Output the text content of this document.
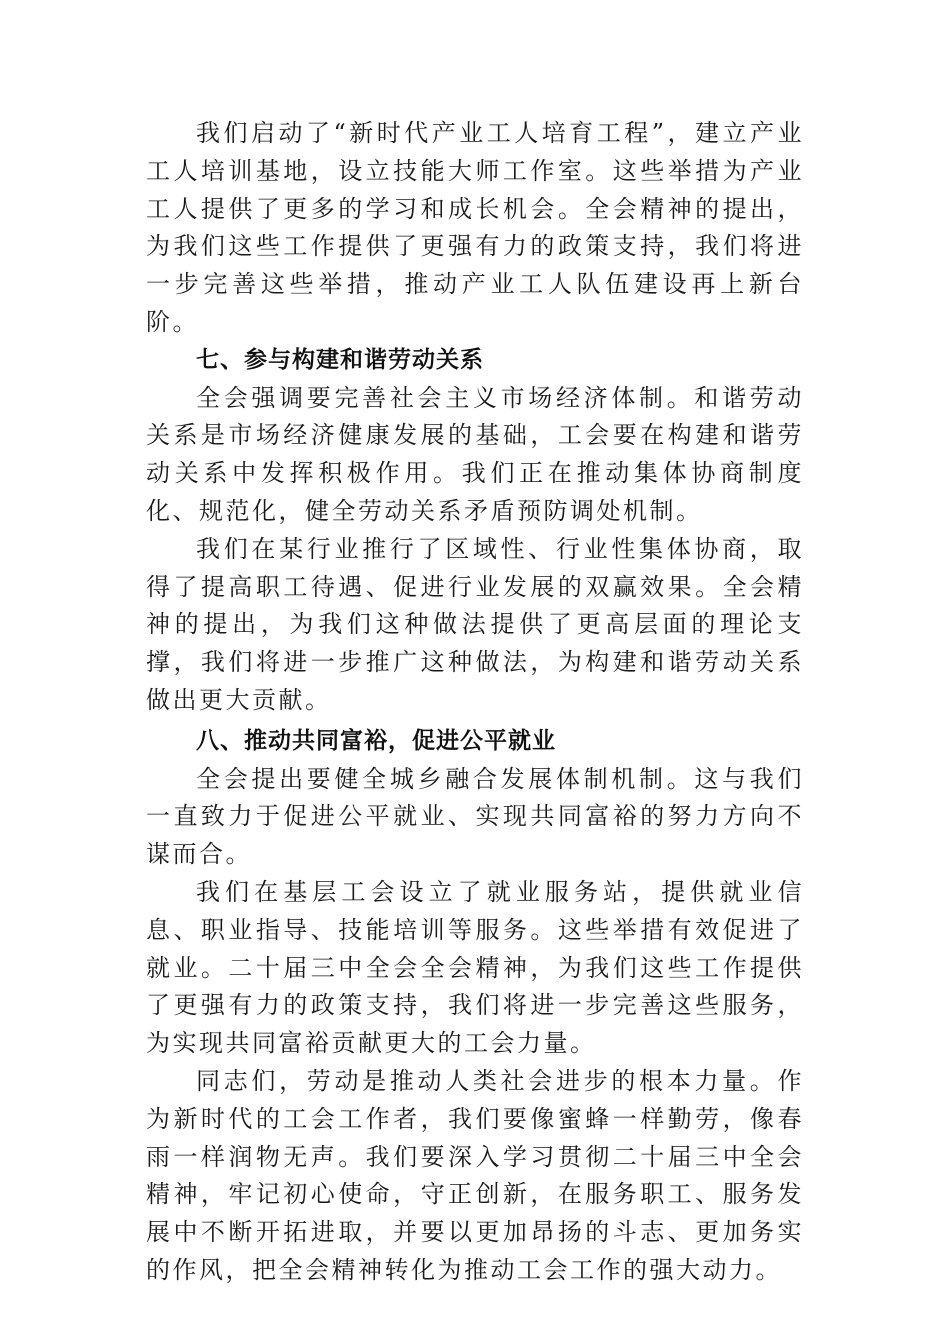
我们启动了“新时代产业工人培育工程”，建立产业工人培训基地，设立技能大师工作室。这些举措为产业工人提供了更多的学习和成长机会。全会精神的提出，为我们这些工作提供了更强有力的政策支持，我们将进一步完善这些举措，推动产业工人队伍建设再上新台阶。

七、参与构建和谐劳动关系

全会强调要完善社会主义市场经济体制。和谐劳动关系是市场经济健康发展的基础，工会要在构建和谐劳动关系中发挥积极作用。我们正在推动集体协商制度化、规范化，健全劳动关系矛盾预防调处机制。

我们在某行业推行了区域性、行业性集体协商，取得了提高职工待遇、促进行业发展的双赢效果。全会精神的提出，为我们这种做法提供了更高层面的理论支撑，我们将进一步推广这种做法，为构建和谐劳动关系做出更大贡献。

八、推动共同富裕，促进公平就业

全会提出要健全城乡融合发展体制机制。这与我们一直致力于促进公平就业、实现共同富裕的努力方向不谋而合。

我们在基层工会设立了就业服务站，提供就业信息、职业指导、技能培训等服务。这些举措有效促进了就业。二十届三中全会全会精神，为我们这些工作提供了更强有力的政策支持，我们将进一步完善这些服务，为实现共同富裕贡献更大的工会力量。

同志们，劳动是推动人类社会进步的根本力量。作为新时代的工会工作者，我们要像蜜蜂一样勤劳，像春雨一样润物无声。我们要深入学习贯彻二十届三中全会精神，牢记初心使命，守正创新，在服务职工、服务发展中不断开拓进取，并要以更加昂扬的斗志、更加务实的作风，把全会精神转化为推动工会工作的强大动力。
